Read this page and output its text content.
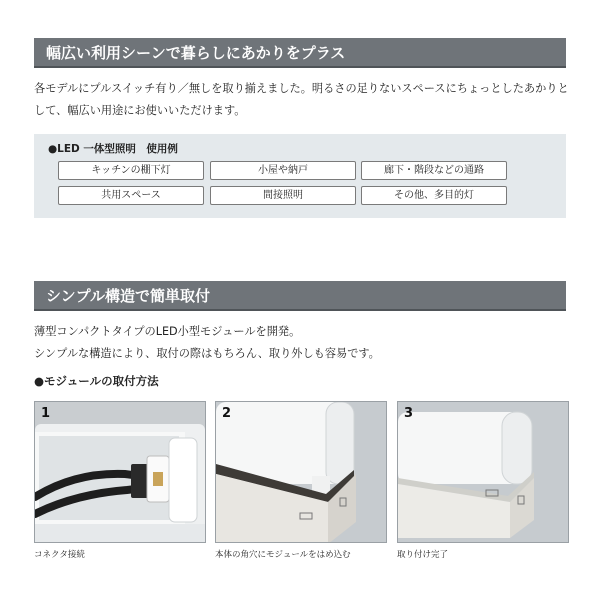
幅広い利用シーンで暮らしにあかりをプラス
各モデルにプルスイッチ有り／無しを取り揃えました。明るさの足りないスペースにちょっとしたあかりと
して、幅広い用途にお使いいただけます。
●LED 一体型照明　使用例
キッチンの棚下灯	小屋や納戸	廊下・階段などの通路
共用スペース	間接照明	その他、多目的灯
シンプル構造で簡単取付
薄型コンパクトタイプのLED小型モジュールを開発。
シンプルな構造により、取付の際はもちろん、取り外しも容易です。
●モジュールの取付方法
1
コネクタ接続
2
本体の角穴にモジュールをはめ込む
3
取り付け完了
